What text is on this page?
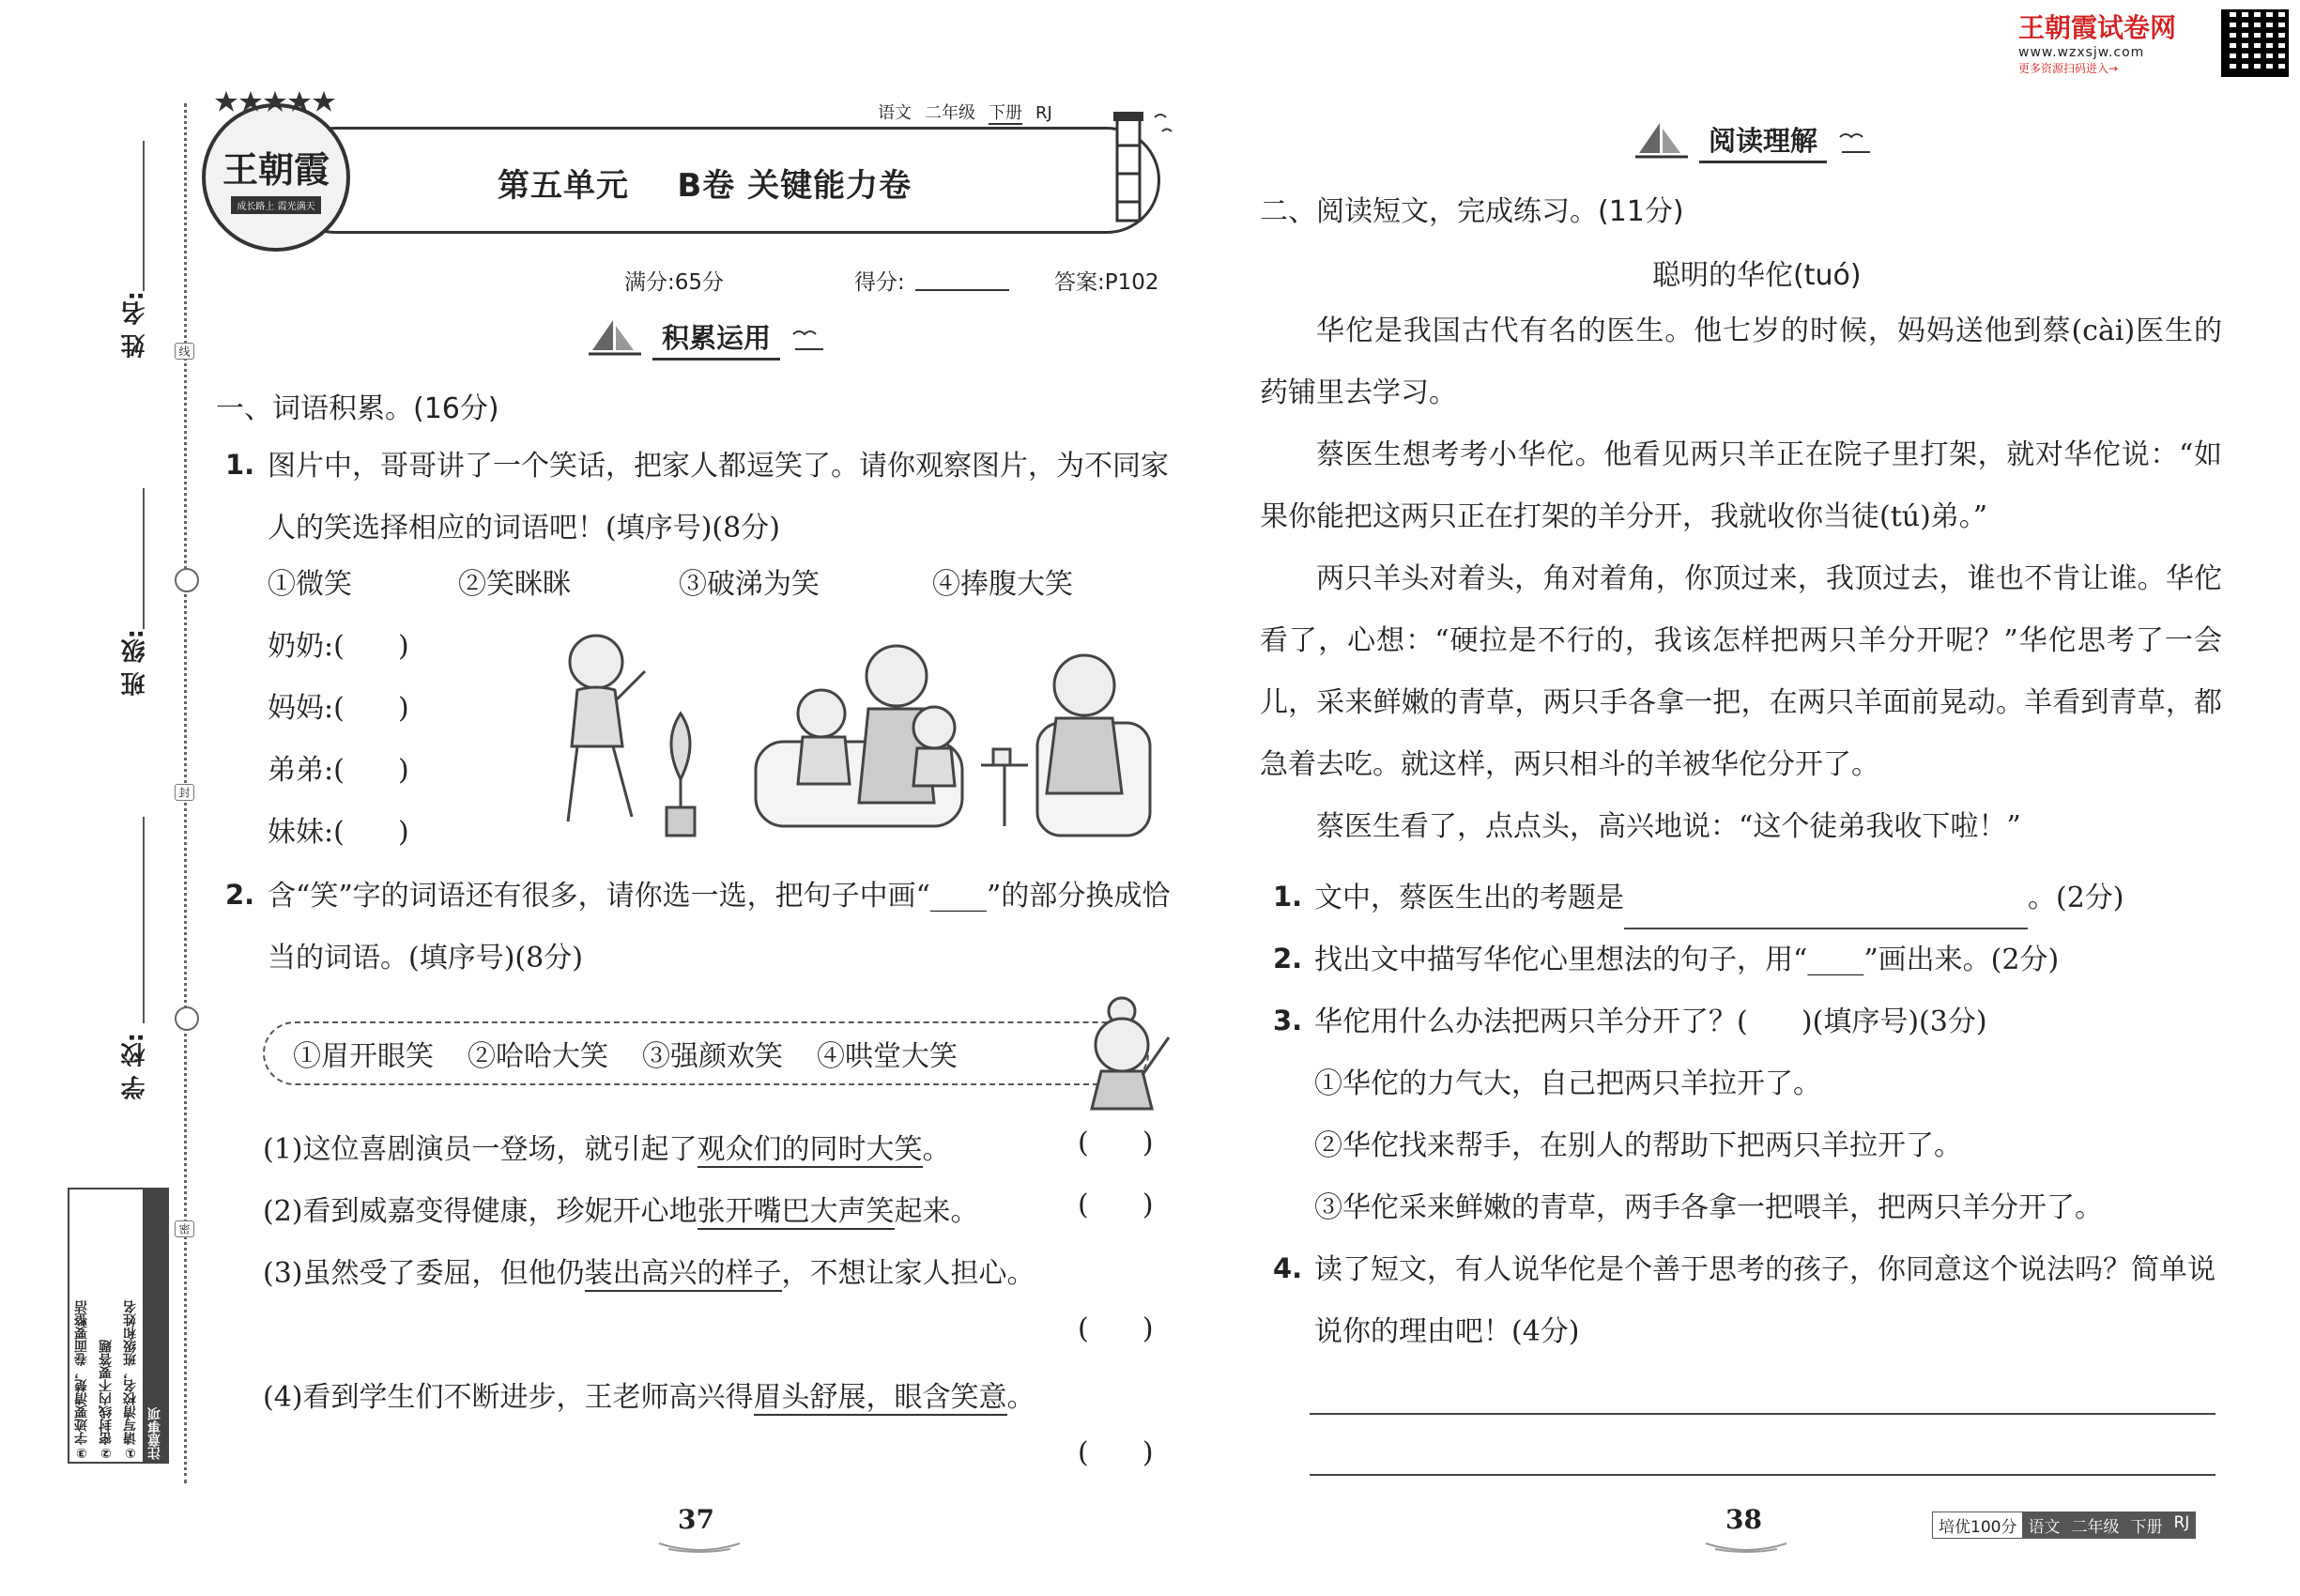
王朝霞试卷网
www.wzxsjw.com
更多资源扫码进入→
姓 名:
班 级:
学 校:
线
封
密
注意事项
①请写清校名，班级和姓名
②密封线内不要答题
③字迹要清楚，卷面要整洁
语文 二年级 下册 RJ
第五单元    B卷 关键能力卷
王朝霞
成长路上 霞光满天
满分:65分	得分:	答案:P102
积累运用
一、词语积累。(16分)
1. 图片中，哥哥讲了一个笑话，把家人都逗笑了。请你观察图片，为不同家人的笑选择相应的词语吧！(填序号)(8分)
①微笑	②笑眯眯	③破涕为笑	④捧腹大笑
奶奶:(      )
妈妈:(      )
弟弟:(      )
妹妹:(      )
2. 含“笑”字的词语还有很多，请你选一选，把句子中画“____”的部分换成恰当的词语。(填序号)(8分)
①眉开眼笑 ②哈哈大笑 ③强颜欢笑 ④哄堂大笑
(1)这位喜剧演员一登场，就引起了观众们的同时大笑。	(      )
(2)看到威嘉变得健康，珍妮开心地张开嘴巴大声笑起来。	(      )
(3)虽然受了委屈，但他仍装出高兴的样子，不想让家人担心。
(      )
(4)看到学生们不断进步，王老师高兴得眉头舒展，眼含笑意。
(      )
37
阅读理解
二、阅读短文，完成练习。(11分)
聪明的华佗(tuó)
华佗是我国古代有名的医生。他七岁的时候，妈妈送他到蔡(cài)医生的药铺里去学习。
蔡医生想考考小华佗。他看见两只羊正在院子里打架，就对华佗说：“如果你能把这两只正在打架的羊分开，我就收你当徒(tú)弟。”
两只羊头对着头，角对着角，你顶过来，我顶过去，谁也不肯让谁。华佗看了，心想：“硬拉是不行的，我该怎样把两只羊分开呢？”华佗思考了一会儿，采来鲜嫩的青草，两只手各拿一把，在两只羊面前晃动。羊看到青草，都急着去吃。就这样，两只相斗的羊被华佗分开了。
蔡医生看了，点点头，高兴地说：“这个徒弟我收下啦！”
1. 文中，蔡医生出的考题是	。(2分)
2. 找出文中描写华佗心里想法的句子，用“____”画出来。(2分)
3. 华佗用什么办法把两只羊分开了？(      )(填序号)(3分)
①华佗的力气大，自己把两只羊拉开了。
②华佗找来帮手，在别人的帮助下把两只羊拉开了。
③华佗采来鲜嫩的青草，两手各拿一把喂羊，把两只羊分开了。
4. 读了短文，有人说华佗是个善于思考的孩子，你同意这个说法吗？简单说说你的理由吧！(4分)
38	培优100分 语文 二年级 下册 RJ
